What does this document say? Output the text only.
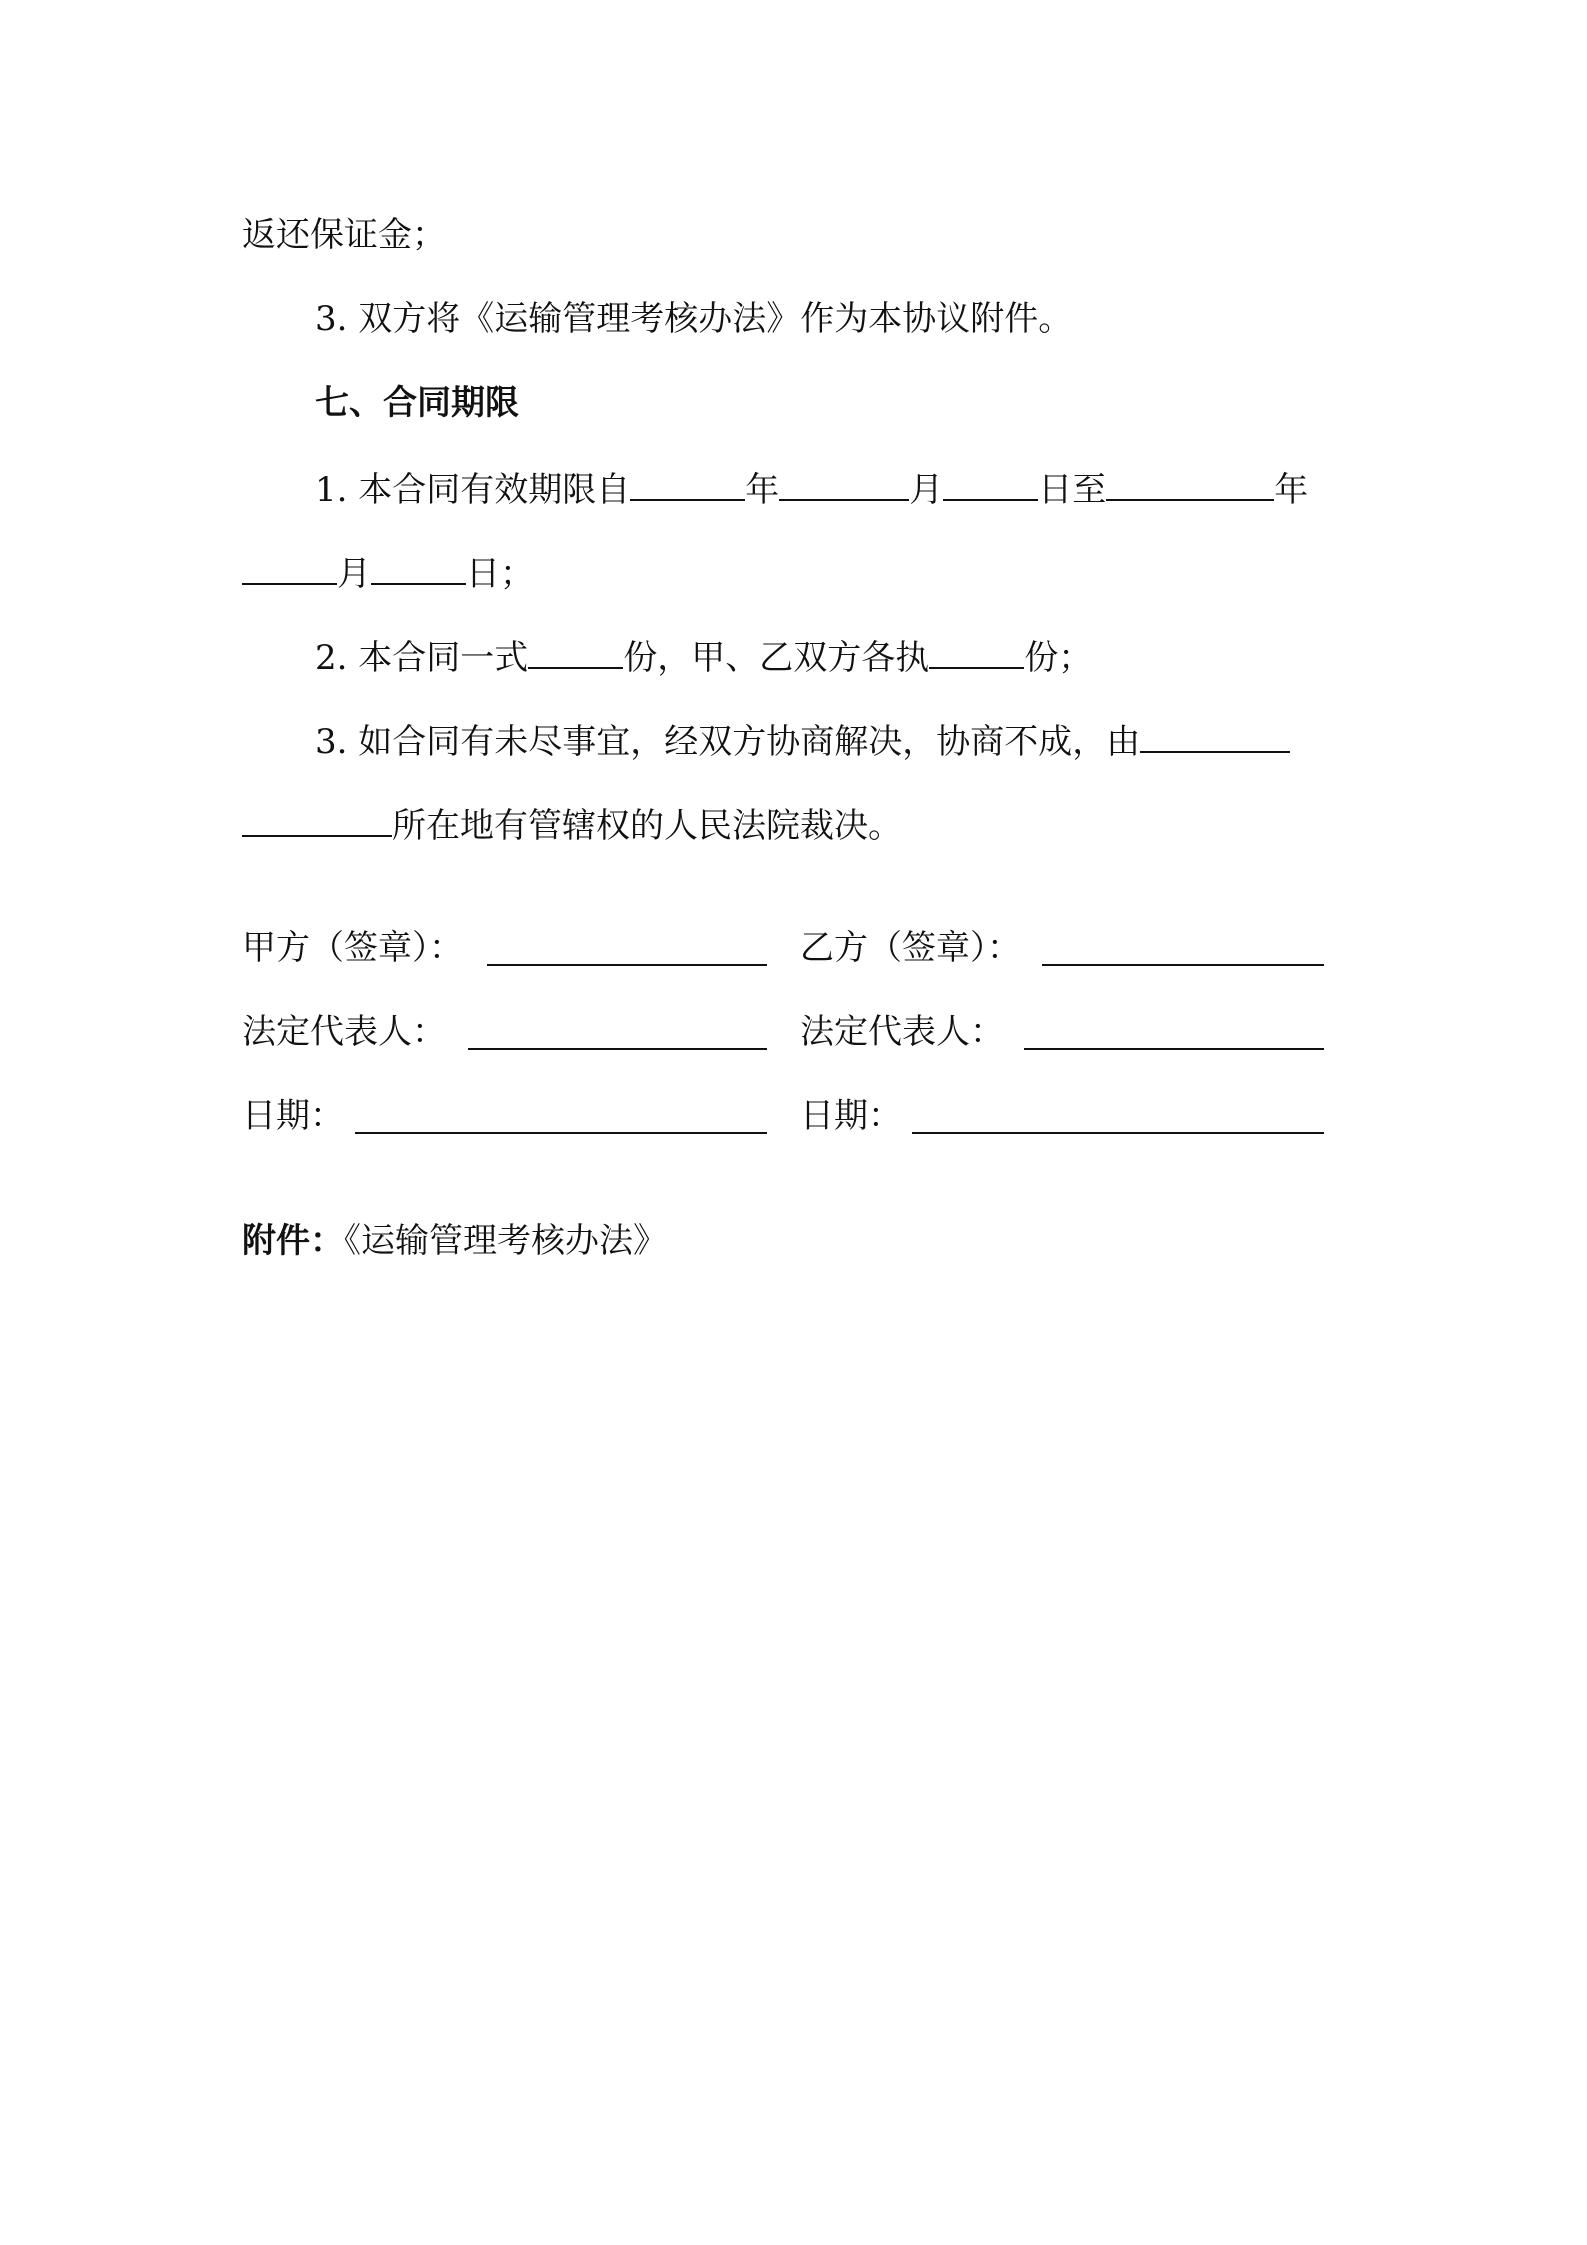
返还保证金；
3. 双方将《运输管理考核办法》作为本协议附件。
七、合同期限
1. 本合同有效期限自	年	月	日至	年
月	日；
2. 本合同一式	份，甲、乙双方各执	份；
3. 如合同有未尽事宜，经双方协商解决，协商不成，由
所在地有管辖权的人民法院裁决。
甲方（签章）：	乙方（签章）：
法定代表人：	法定代表人：
日期：	日期：
附件：《运输管理考核办法》
